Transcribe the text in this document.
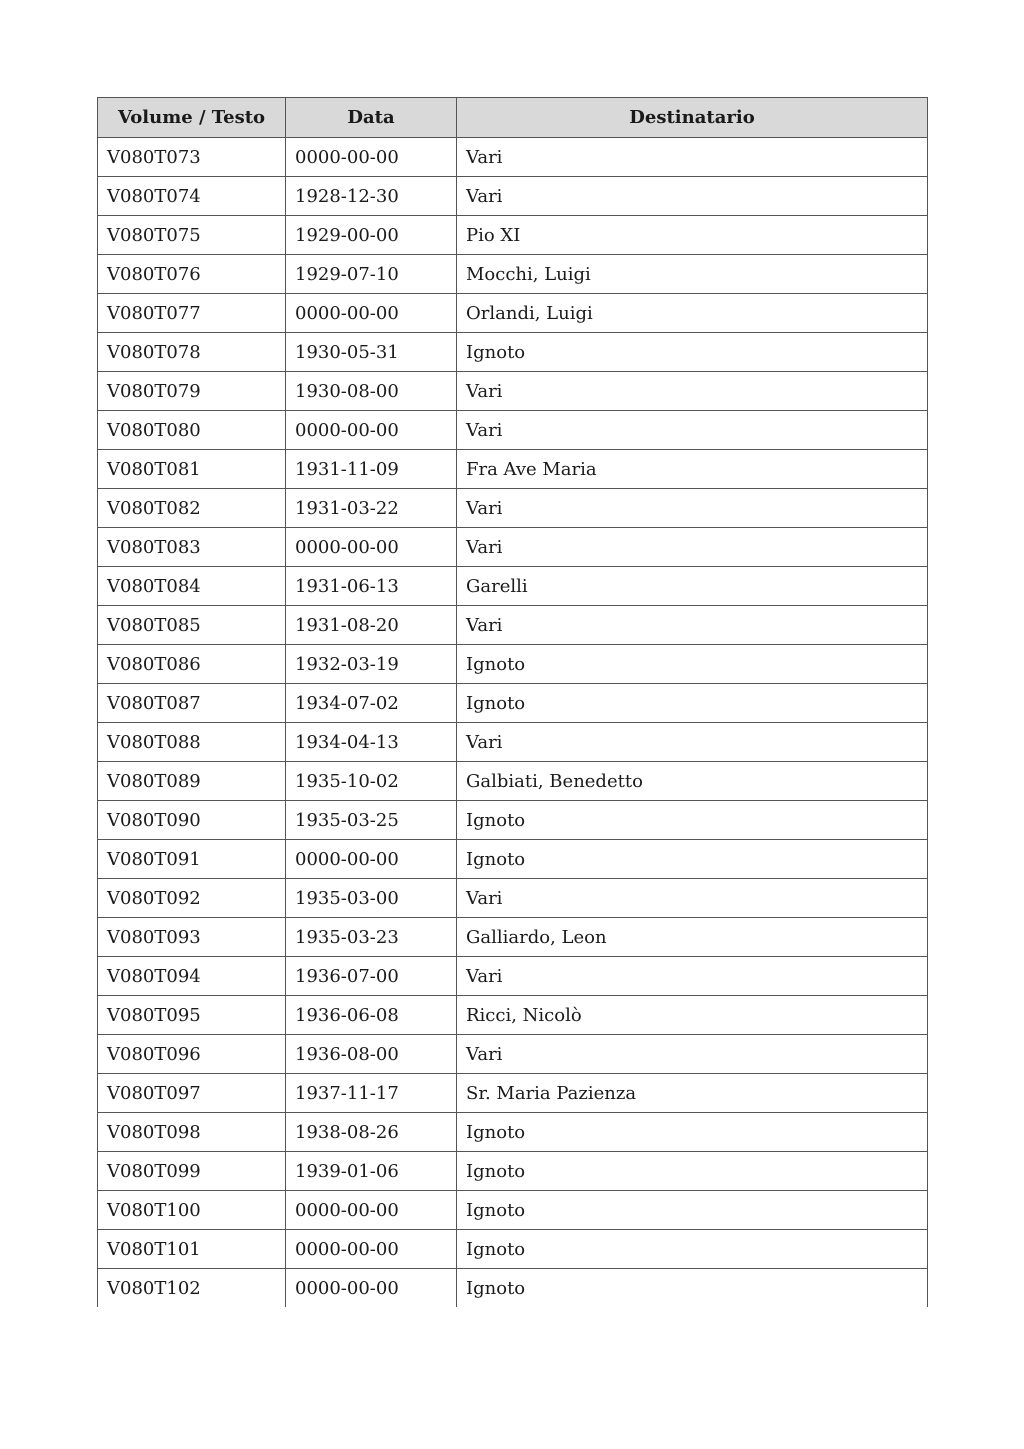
Volume / Testo	Data	Destinatario
V080T073	0000-00-00	Vari
V080T074	1928-12-30	Vari
V080T075	1929-00-00	Pio XI
V080T076	1929-07-10	Mocchi, Luigi
V080T077	0000-00-00	Orlandi, Luigi
V080T078	1930-05-31	Ignoto
V080T079	1930-08-00	Vari
V080T080	0000-00-00	Vari
V080T081	1931-11-09	Fra Ave Maria
V080T082	1931-03-22	Vari
V080T083	0000-00-00	Vari
V080T084	1931-06-13	Garelli
V080T085	1931-08-20	Vari
V080T086	1932-03-19	Ignoto
V080T087	1934-07-02	Ignoto
V080T088	1934-04-13	Vari
V080T089	1935-10-02	Galbiati, Benedetto
V080T090	1935-03-25	Ignoto
V080T091	0000-00-00	Ignoto
V080T092	1935-03-00	Vari
V080T093	1935-03-23	Galliardo, Leon
V080T094	1936-07-00	Vari
V080T095	1936-06-08	Ricci, Nicolò
V080T096	1936-08-00	Vari
V080T097	1937-11-17	Sr. Maria Pazienza
V080T098	1938-08-26	Ignoto
V080T099	1939-01-06	Ignoto
V080T100	0000-00-00	Ignoto
V080T101	0000-00-00	Ignoto
V080T102	0000-00-00	Ignoto
